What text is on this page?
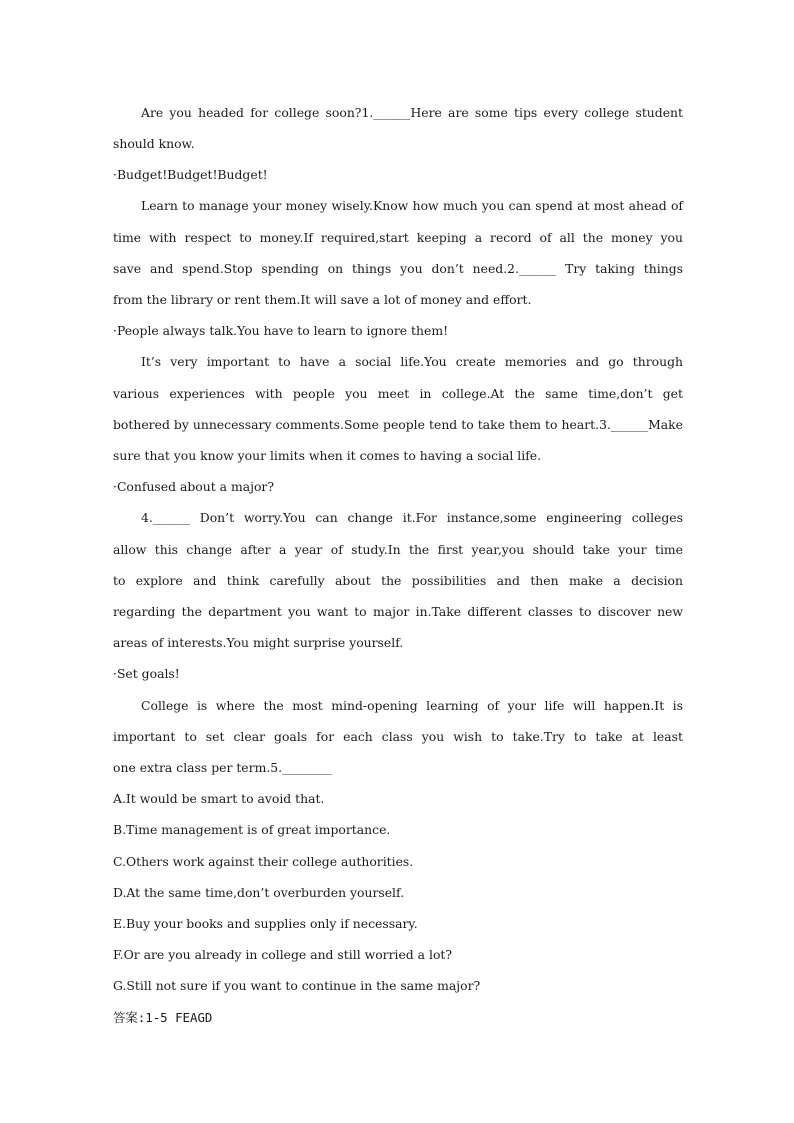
Are you headed for college soon?1.______Here are some tips every college student
should know.
·Budget!Budget!Budget!
Learn to manage your money wisely.Know how much you can spend at most ahead of
time with respect to money.If required,start keeping a record of all the money you
save and spend.Stop spending on things you don’t need.2.______ Try taking things
from the library or rent them.It will save a lot of money and effort.
·People always talk.You have to learn to ignore them!
It’s very important to have a social life.You create memories and go through
various experiences with people you meet in college.At the same time,don’t get
bothered by unnecessary comments.Some people tend to take them to heart.3.______Make
sure that you know your limits when it comes to having a social life.
·Confused about a major?
4.______ Don’t worry.You can change it.For instance,some engineering colleges
allow this change after a year of study.In the first year,you should take your time
to explore and think carefully about the possibilities and then make a decision
regarding the department you want to major in.Take different classes to discover new
areas of interests.You might surprise yourself.
·Set goals!
College is where the most mind-opening learning of your life will happen.It is
important to set clear goals for each class you wish to take.Try to take at least
one extra class per term.5.________
A.It would be smart to avoid that.
B.Time management is of great importance.
C.Others work against their college authorities.
D.At the same time,don’t overburden yourself.
E.Buy your books and supplies only if necessary.
F.Or are you already in college and still worried a lot?
G.Still not sure if you want to continue in the same major?
答案:1-5 FEAGD
